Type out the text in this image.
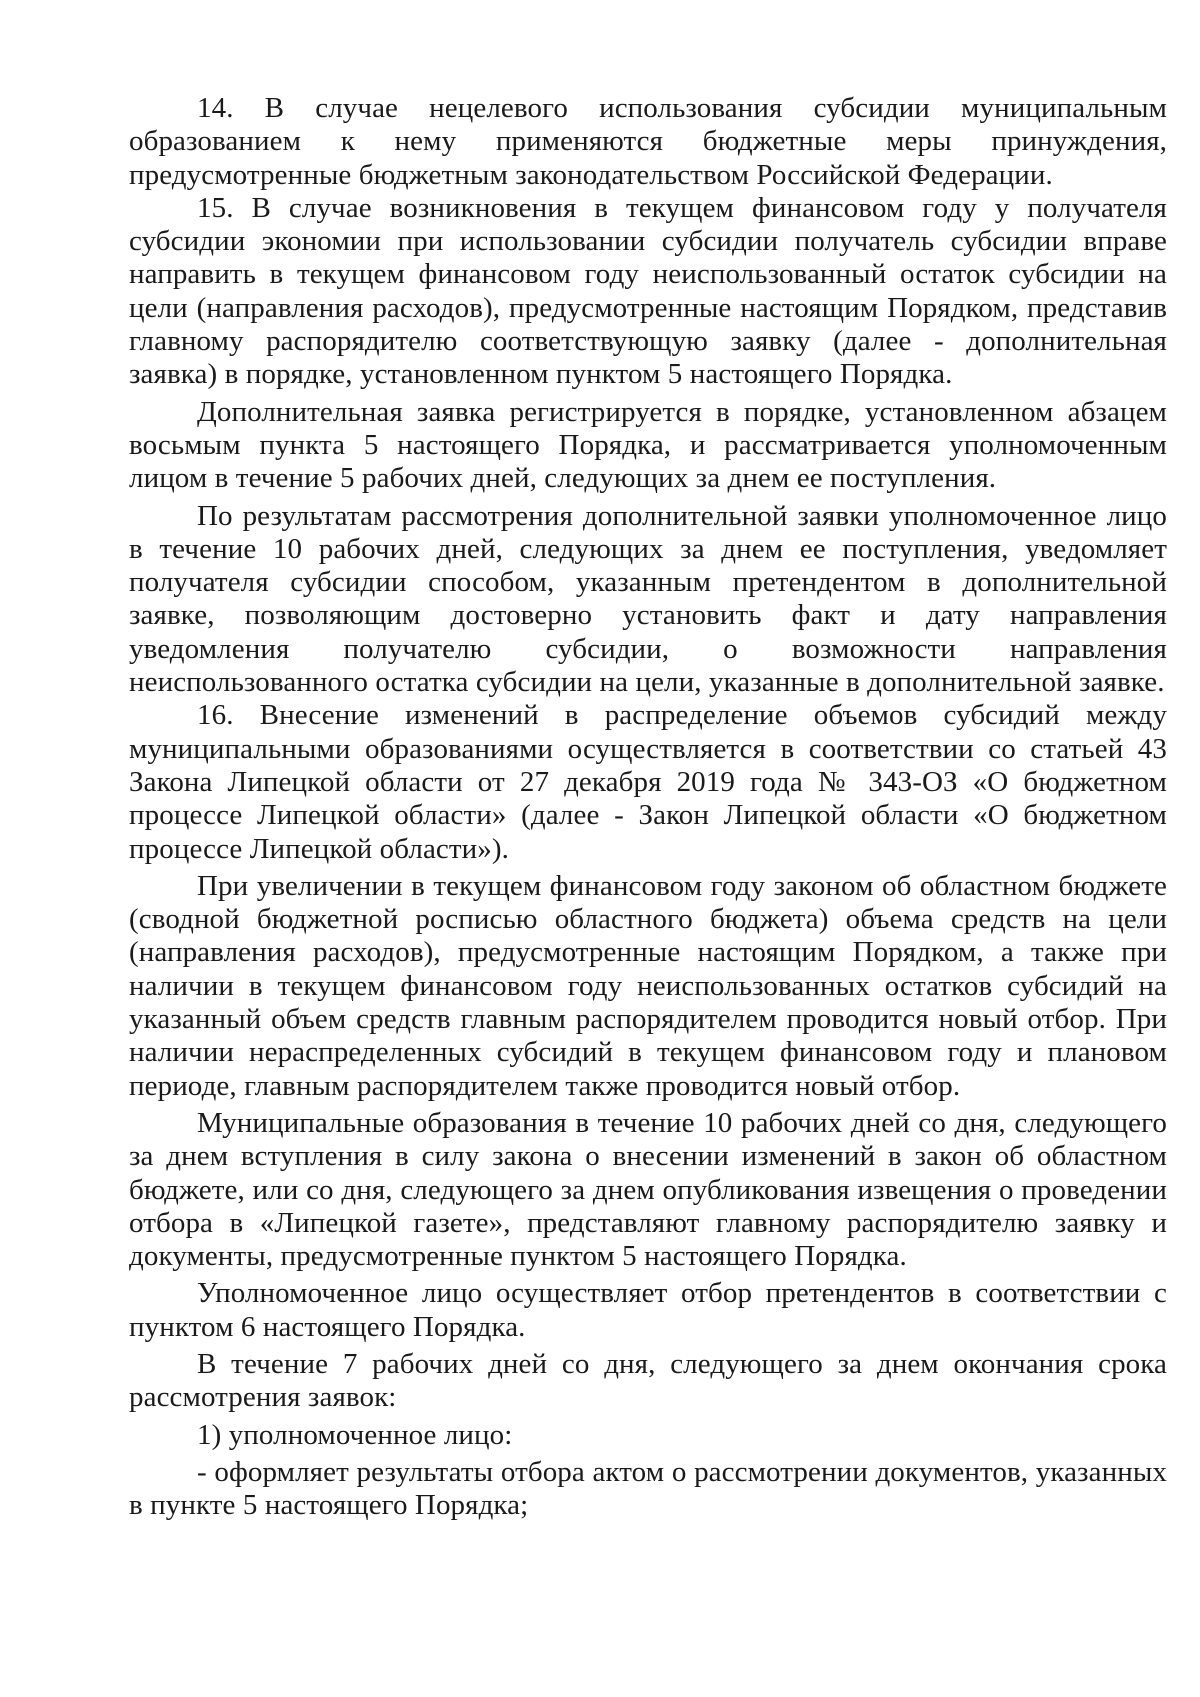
14. В случае нецелевого использования субсидии муниципальным образованием к нему применяются бюджетные меры принуждения, предусмотренные бюджетным законодательством Российской Федерации.

15. В случае возникновения в текущем финансовом году у получателя субсидии экономии при использовании субсидии получатель субсидии вправе направить в текущем финансовом году неиспользованный остаток субсидии на цели (направления расходов), предусмотренные настоящим Порядком, представив главному распорядителю соответствующую заявку (далее - дополнительная заявка) в порядке, установленном пунктом 5 настоящего Порядка.

Дополнительная заявка регистрируется в порядке, установленном абзацем восьмым пункта 5 настоящего Порядка, и рассматривается уполномоченным лицом в течение 5 рабочих дней, следующих за днем ее поступления.

По результатам рассмотрения дополнительной заявки уполномоченное лицо в течение 10 рабочих дней, следующих за днем ее поступления, уведомляет получателя субсидии способом, указанным претендентом в дополнительной заявке, позволяющим достоверно установить факт и дату направления уведомления получателю субсидии, о возможности направления неиспользованного остатка субсидии на цели, указанные в дополнительной заявке.

16. Внесение изменений в распределение объемов субсидий между муниципальными образованиями осуществляется в соответствии со статьей 43 Закона Липецкой области от 27 декабря 2019 года № 343-ОЗ «О бюджетном процессе Липецкой области» (далее - Закон Липецкой области «О бюджетном процессе Липецкой области»).

При увеличении в текущем финансовом году законом об областном бюджете (сводной бюджетной росписью областного бюджета) объема средств на цели (направления расходов), предусмотренные настоящим Порядком, а также при наличии в текущем финансовом году неиспользованных остатков субсидий на указанный объем средств главным распорядителем проводится новый отбор. При наличии нераспределенных субсидий в текущем финансовом году и плановом периоде, главным распорядителем также проводится новый отбор.

Муниципальные образования в течение 10 рабочих дней со дня, следующего за днем вступления в силу закона о внесении изменений в закон об областном бюджете, или со дня, следующего за днем опубликования извещения о проведении отбора в «Липецкой газете», представляют главному распорядителю заявку и документы, предусмотренные пунктом 5 настоящего Порядка.

Уполномоченное лицо осуществляет отбор претендентов в соответствии с пунктом 6 настоящего Порядка.

В течение 7 рабочих дней со дня, следующего за днем окончания срока рассмотрения заявок:

1) уполномоченное лицо:

- оформляет результаты отбора актом о рассмотрении документов, указанных в пункте 5 настоящего Порядка;
